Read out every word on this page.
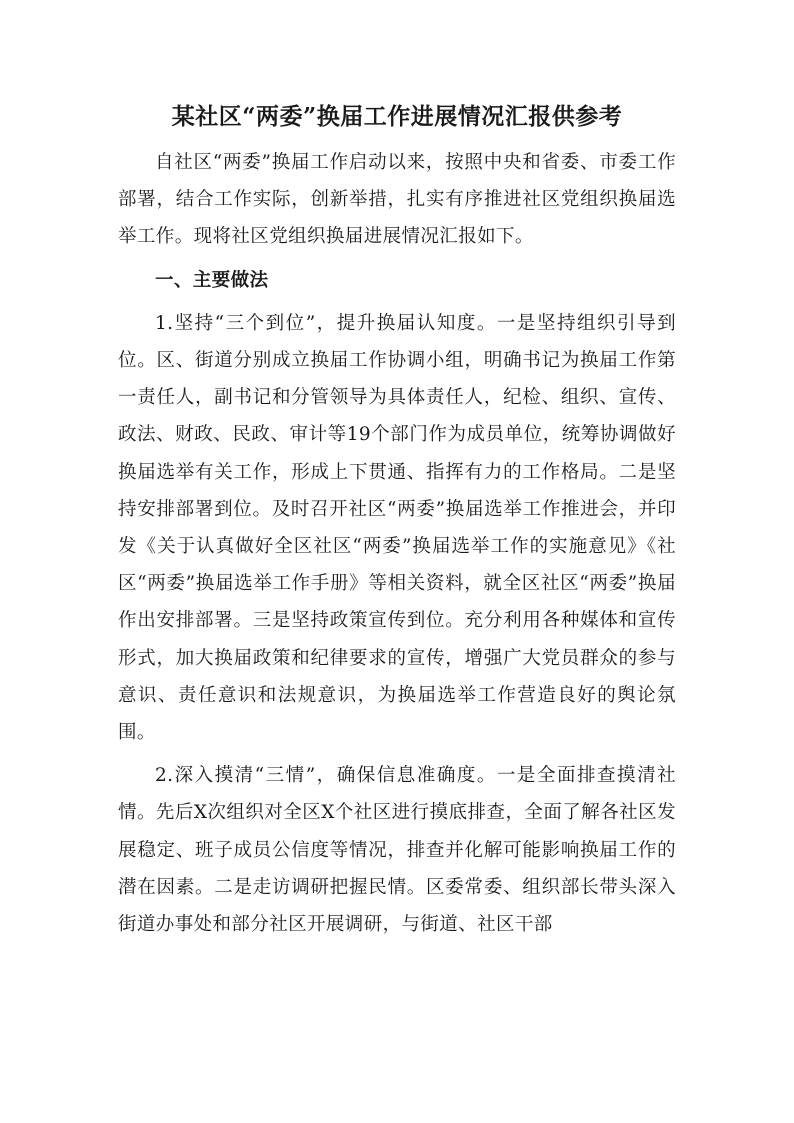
某社区“两委”换届工作进展情况汇报供参考

自社区“两委”换届工作启动以来，按照中央和省委、市委工作部署，结合工作实际，创新举措，扎实有序推进社区党组织换届选举工作。现将社区党组织换届进展情况汇报如下。

一、主要做法

1.坚持“三个到位”，提升换届认知度。一是坚持组织引导到位。区、街道分别成立换届工作协调小组，明确书记为换届工作第一责任人，副书记和分管领导为具体责任人，纪检、组织、宣传、政法、财政、民政、审计等19个部门作为成员单位，统筹协调做好换届选举有关工作，形成上下贯通、指挥有力的工作格局。二是坚持安排部署到位。及时召开社区“两委”换届选举工作推进会，并印发《关于认真做好全区社区“两委”换届选举工作的实施意见》《社区“两委”换届选举工作手册》等相关资料，就全区社区“两委”换届作出安排部署。三是坚持政策宣传到位。充分利用各种媒体和宣传形式，加大换届政策和纪律要求的宣传，增强广大党员群众的参与意识、责任意识和法规意识，为换届选举工作营造良好的舆论氛围。

2.深入摸清“三情”，确保信息准确度。一是全面排查摸清社情。先后X次组织对全区X个社区进行摸底排查，全面了解各社区发展稳定、班子成员公信度等情况，排查并化解可能影响换届工作的潜在因素。二是走访调研把握民情。区委常委、组织部长带头深入街道办事处和部分社区开展调研，与街道、社区干部
